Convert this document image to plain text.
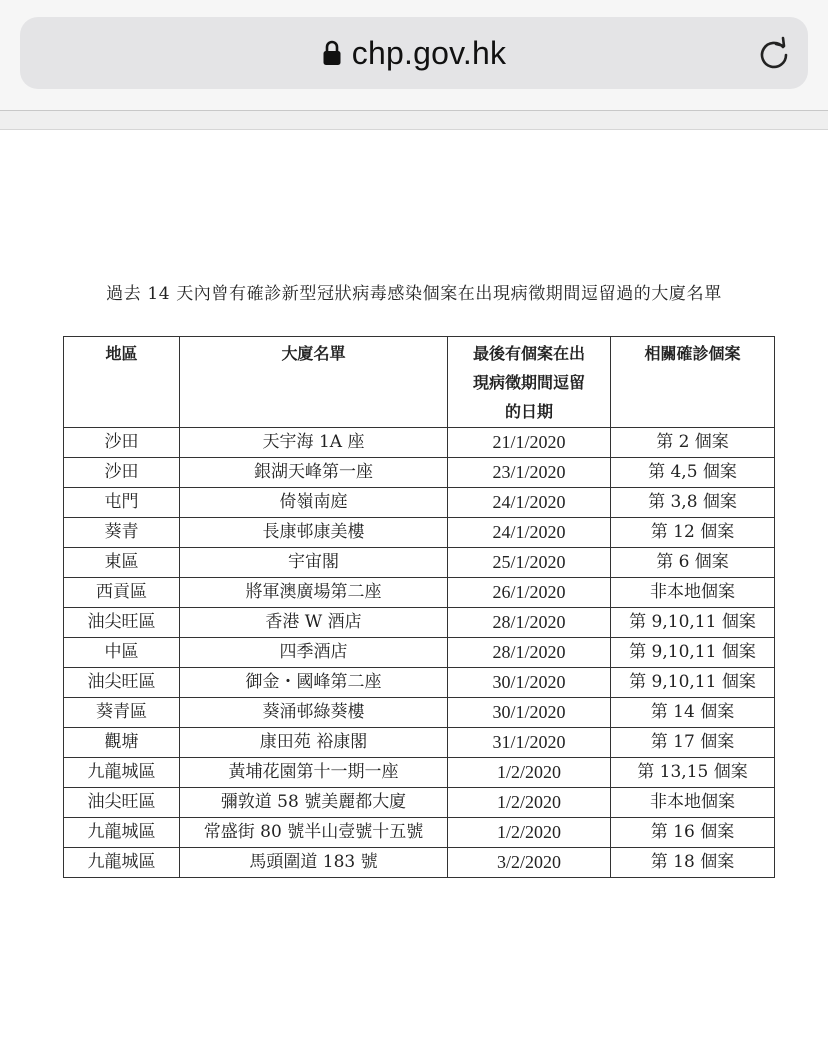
chp.gov.hk
過去 14 天內曾有確診新型冠狀病毒感染個案在出現病徵期間逗留過的大廈名單
地區	大廈名單	最後有個案在出
現病徵期間逗留
的日期	相關確診個案
沙田	天宇海 1A 座	21/1/2020	第 2 個案
沙田	銀湖天峰第一座	23/1/2020	第 4,5 個案
屯門	倚嶺南庭	24/1/2020	第 3,8 個案
葵青	長康邨康美樓	24/1/2020	第 12 個案
東區	宇宙閣	25/1/2020	第 6 個案
西貢區	將軍澳廣場第二座	26/1/2020	非本地個案
油尖旺區	香港 W 酒店	28/1/2020	第 9,10,11 個案
中區	四季酒店	28/1/2020	第 9,10,11 個案
油尖旺區	御金・國峰第二座	30/1/2020	第 9,10,11 個案
葵青區	葵涌邨綠葵樓	30/1/2020	第 14 個案
觀塘	康田苑 裕康閣	31/1/2020	第 17 個案
九龍城區	黃埔花園第十一期一座	1/2/2020	第 13,15 個案
油尖旺區	彌敦道 58 號美麗都大廈	1/2/2020	非本地個案
九龍城區	常盛街 80 號半山壹號十五號	1/2/2020	第 16 個案
九龍城區	馬頭圍道 183 號	3/2/2020	第 18 個案
